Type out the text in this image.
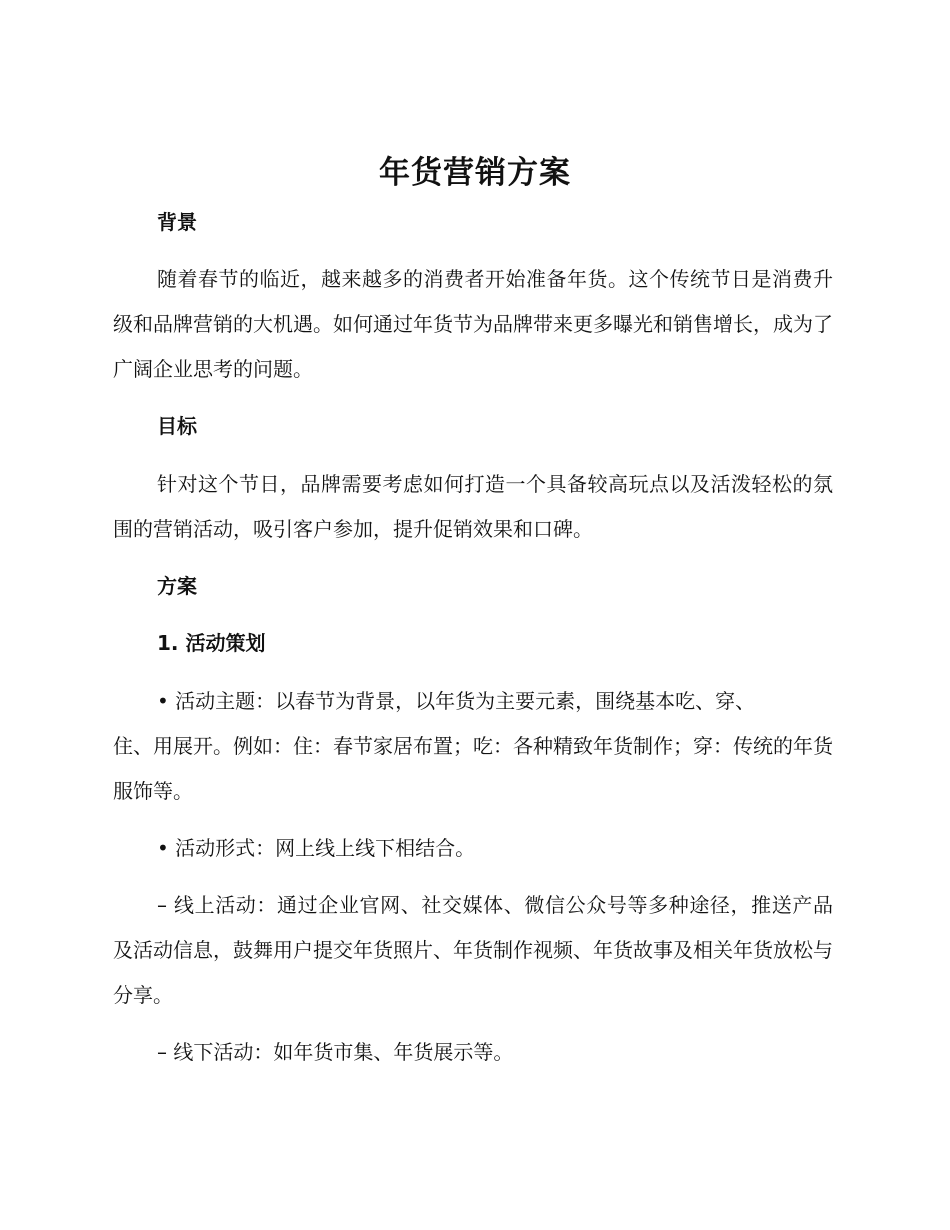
年货营销方案
背景

随着春节的临近，越来越多的消费者开始准备年货。这个传统节日是消费升级和品牌营销的大机遇。如何通过年货节为品牌带来更多曝光和销售增长，成为了广阔企业思考的问题。

目标

针对这个节日，品牌需要考虑如何打造一个具备较高玩点以及活泼轻松的氛围的营销活动，吸引客户参加，提升促销效果和口碑。

方案
1. 活动策划
• 活动主题：以春节为背景，以年货为主要元素，围绕基本吃、穿、
住、用展开。例如：住：春节家居布置；吃：各种精致年货制作；穿：传统的年货服饰等。

• 活动形式：网上线上线下相结合。

– 线上活动：通过企业官网、社交媒体、微信公众号等多种途径，推送产品及活动信息，鼓舞用户提交年货照片、年货制作视频、年货故事及相关年货放松与分享。

– 线下活动：如年货市集、年货展示等。
